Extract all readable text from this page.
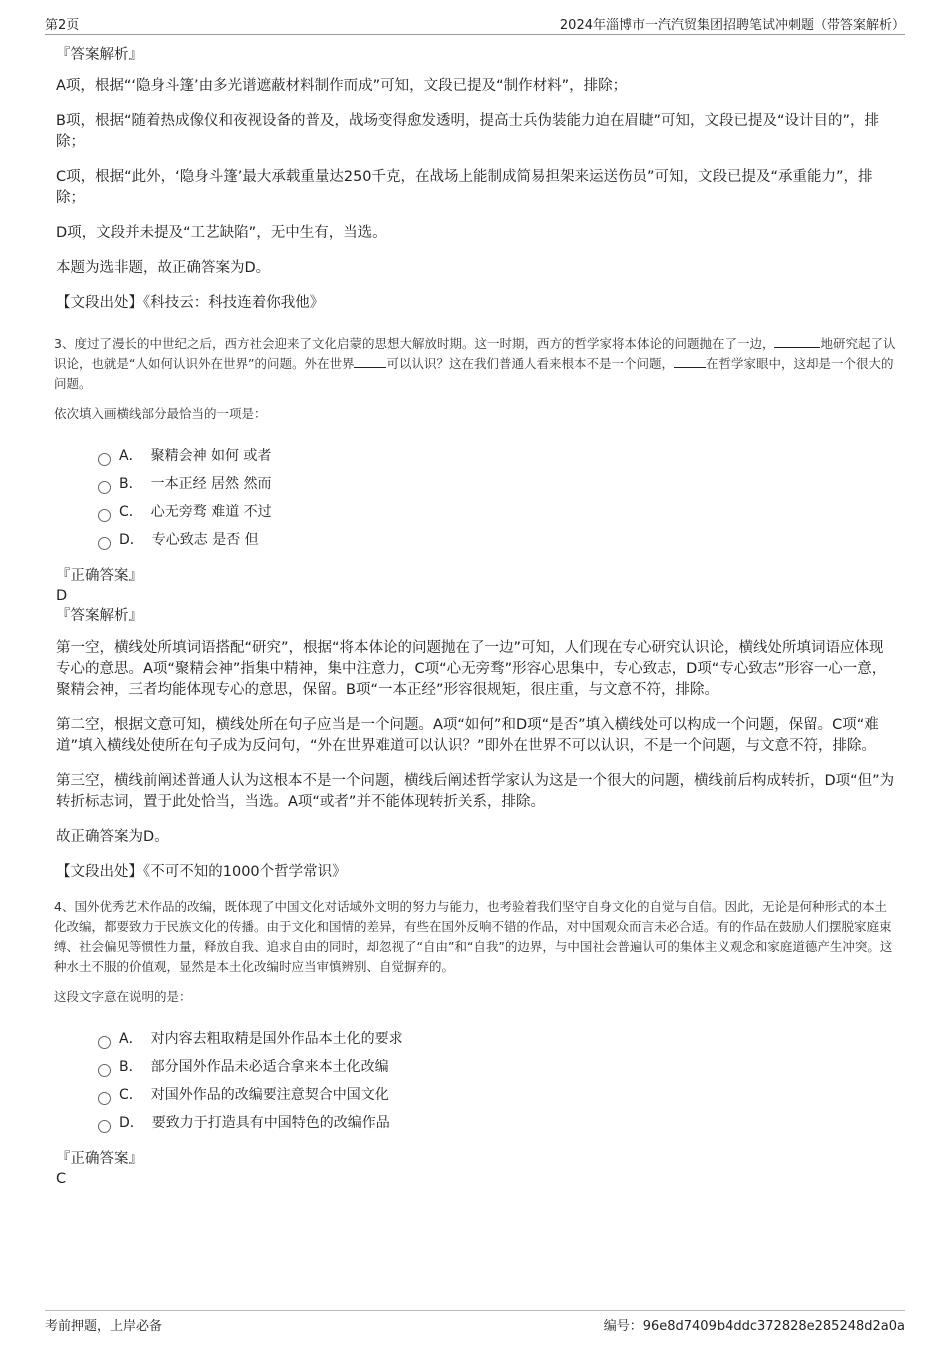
第2页	2024年淄博市一汽汽贸集团招聘笔试冲刺题（带答案解析）

『答案解析』

A项，根据“‘隐身斗篷’由多光谱遮蔽材料制作而成”可知，文段已提及“制作材料”，排除；

B项，根据“随着热成像仪和夜视设备的普及，战场变得愈发透明，提高士兵伪装能力迫在眉睫”可知，文段已提及“设计目的”，排除；

C项，根据“此外，‘隐身斗篷’最大承载重量达250千克，在战场上能制成简易担架来运送伤员”可知，文段已提及“承重能力”，排除；

D项，文段并未提及“工艺缺陷”，无中生有，当选。

本题为选非题，故正确答案为D。

【文段出处】《科技云：科技连着你我他》

3、度过了漫长的中世纪之后，西方社会迎来了文化启蒙的思想大解放时期。这一时期，西方的哲学家将本体论的问题抛在了一边，	地研究起了认识论，也就是“人如何认识外在世界”的问题。外在世界	可以认识？这在我们普通人看来根本不是一个问题，	在哲学家眼中，这却是一个很大的问题。

依次填入画横线部分最恰当的一项是：

A． 聚精会神 如何 或者
B． 一本正经 居然 然而
C． 心无旁骛 难道 不过
D． 专心致志 是否 但

『正确答案』

D

『答案解析』

第一空，横线处所填词语搭配“研究”，根据“将本体论的问题抛在了一边”可知，人们现在专心研究认识论，横线处所填词语应体现专心的意思。A项“聚精会神”指集中精神，集中注意力，C项“心无旁骛”形容心思集中，专心致志，D项“专心致志”形容一心一意，聚精会神，三者均能体现专心的意思，保留。B项“一本正经”形容很规矩，很庄重，与文意不符，排除。

第二空，根据文意可知，横线处所在句子应当是一个问题。A项“如何”和D项“是否”填入横线处可以构成一个问题，保留。C项“难道”填入横线处使所在句子成为反问句，“外在世界难道可以认识？”即外在世界不可以认识，不是一个问题，与文意不符，排除。

第三空，横线前阐述普通人认为这根本不是一个问题，横线后阐述哲学家认为这是一个很大的问题，横线前后构成转折，D项“但”为转折标志词，置于此处恰当，当选。A项“或者”并不能体现转折关系，排除。

故正确答案为D。

【文段出处】《不可不知的1000个哲学常识》

4、国外优秀艺术作品的改编，既体现了中国文化对话域外文明的努力与能力，也考验着我们坚守自身文化的自觉与自信。因此，无论是何种形式的本土化改编，都要致力于民族文化的传播。由于文化和国情的差异，有些在国外反响不错的作品，对中国观众而言未必合适。有的作品在鼓励人们摆脱家庭束缚、社会偏见等惯性力量，释放自我、追求自由的同时，却忽视了“自由”和“自我”的边界，与中国社会普遍认可的集体主义观念和家庭道德产生冲突。这种水土不服的价值观，显然是本土化改编时应当审慎辨别、自觉摒弃的。

这段文字意在说明的是：

A． 对内容去粗取精是国外作品本土化的要求
B． 部分国外作品未必适合拿来本土化改编
C． 对国外作品的改编要注意契合中国文化
D． 要致力于打造具有中国特色的改编作品

『正确答案』

C

考前押题，上岸必备	编号：96e8d7409b4ddc372828e285248d2a0a
